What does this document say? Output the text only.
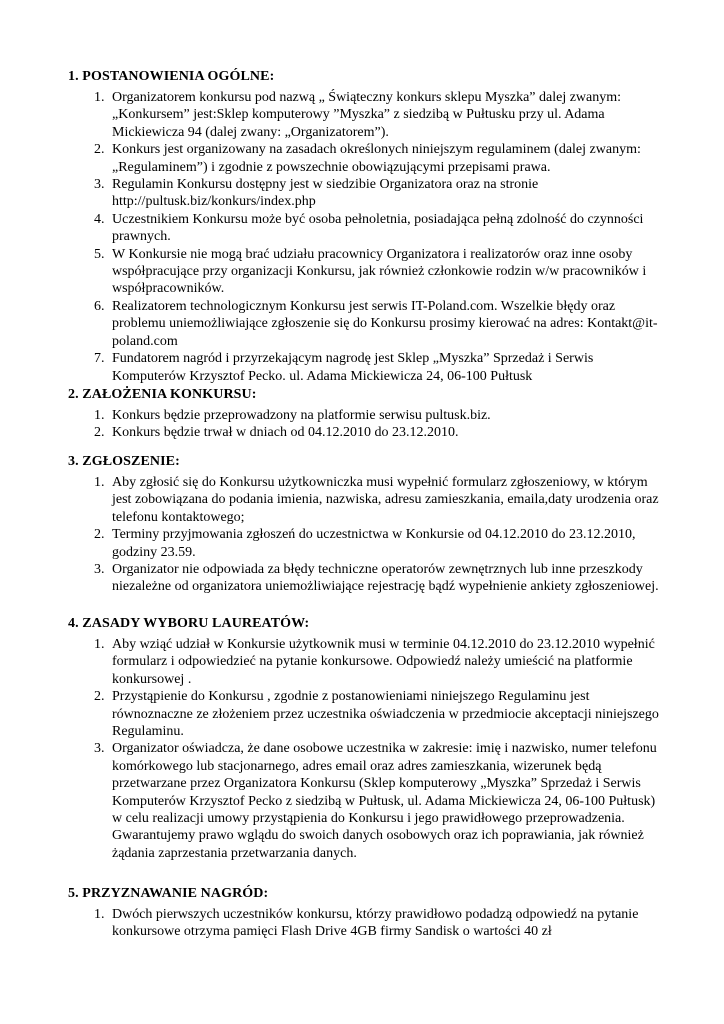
1. POSTANOWIENIA OGÓLNE:
1. Organizatorem konkursu pod nazwą „ Świąteczny konkurs sklepu Myszka” dalej zwanym: „Konkursem” jest:Sklep komputerowy ”Myszka” z siedzibą w Pułtusku przy ul. Adama Mickiewicza 94 (dalej zwany: „Organizatorem”).
2. Konkurs jest organizowany na zasadach określonych niniejszym regulaminem (dalej zwanym: „Regulaminem”) i zgodnie z powszechnie obowiązującymi przepisami prawa.
3. Regulamin Konkursu dostępny jest w siedzibie Organizatora oraz na stronie http://pultusk.biz/konkurs/index.php
4. Uczestnikiem Konkursu może być osoba pełnoletnia, posiadająca pełną zdolność do czynności prawnych.
5. W Konkursie nie mogą brać udziału pracownicy Organizatora i realizatorów oraz inne osoby współpracujące przy organizacji Konkursu, jak również członkowie rodzin w/w pracowników i współpracowników.
6. Realizatorem technologicznym Konkursu jest serwis IT-Poland.com. Wszelkie błędy oraz problemu uniemożliwiające zgłoszenie się do Konkursu prosimy kierować na adres: Kontakt@it-poland.com
7. Fundatorem nagród i przyrzekającym nagrodę jest Sklep „Myszka” Sprzedaż i Serwis Komputerów Krzysztof Pecko. ul. Adama Mickiewicza 24, 06-100 Pułtusk
2. ZAŁOŻENIA KONKURSU:
1. Konkurs będzie przeprowadzony na platformie serwisu pultusk.biz.
2. Konkurs będzie trwał w dniach od 04.12.2010 do 23.12.2010.
3. ZGŁOSZENIE:
1. Aby zgłosić się do Konkursu użytkowniczka musi wypełnić formularz zgłoszeniowy, w którym jest zobowiązana do podania imienia, nazwiska, adresu zamieszkania, emaila,daty urodzenia oraz telefonu kontaktowego;
2. Terminy przyjmowania zgłoszeń do uczestnictwa w Konkursie od 04.12.2010 do 23.12.2010, godziny 23.59.
3. Organizator nie odpowiada za błędy techniczne operatorów zewnętrznych lub inne przeszkody niezależne od organizatora uniemożliwiające rejestrację bądź wypełnienie ankiety zgłoszeniowej.
4. ZASADY WYBORU LAUREATÓW:
1. Aby wziąć udział w Konkursie użytkownik musi w terminie 04.12.2010 do 23.12.2010 wypełnić formularz i odpowiedzieć na pytanie konkursowe. Odpowiedź należy umieścić na platformie konkursowej .
2. Przystąpienie do Konkursu , zgodnie z postanowieniami niniejszego Regulaminu jest równoznaczne ze złożeniem przez uczestnika oświadczenia w przedmiocie akceptacji niniejszego Regulaminu.
3. Organizator oświadcza, że dane osobowe uczestnika w zakresie: imię i nazwisko, numer telefonu komórkowego lub stacjonarnego, adres email oraz adres zamieszkania, wizerunek będą przetwarzane przez Organizatora Konkursu (Sklep komputerowy „Myszka” Sprzedaż i Serwis Komputerów Krzysztof Pecko z siedzibą w Pułtusk, ul. Adama Mickiewicza 24, 06-100 Pułtusk) w celu realizacji umowy przystąpienia do Konkursu i jego prawidłowego przeprowadzenia. Gwarantujemy prawo wglądu do swoich danych osobowych oraz ich poprawiania, jak również żądania zaprzestania przetwarzania danych.
5. PRZYZNAWANIE NAGRÓD:
1. Dwóch pierwszych uczestników konkursu, którzy prawidłowo podadzą odpowiedź na pytanie konkursowe otrzyma pamięci Flash Drive 4GB firmy Sandisk o wartości 40 zł
